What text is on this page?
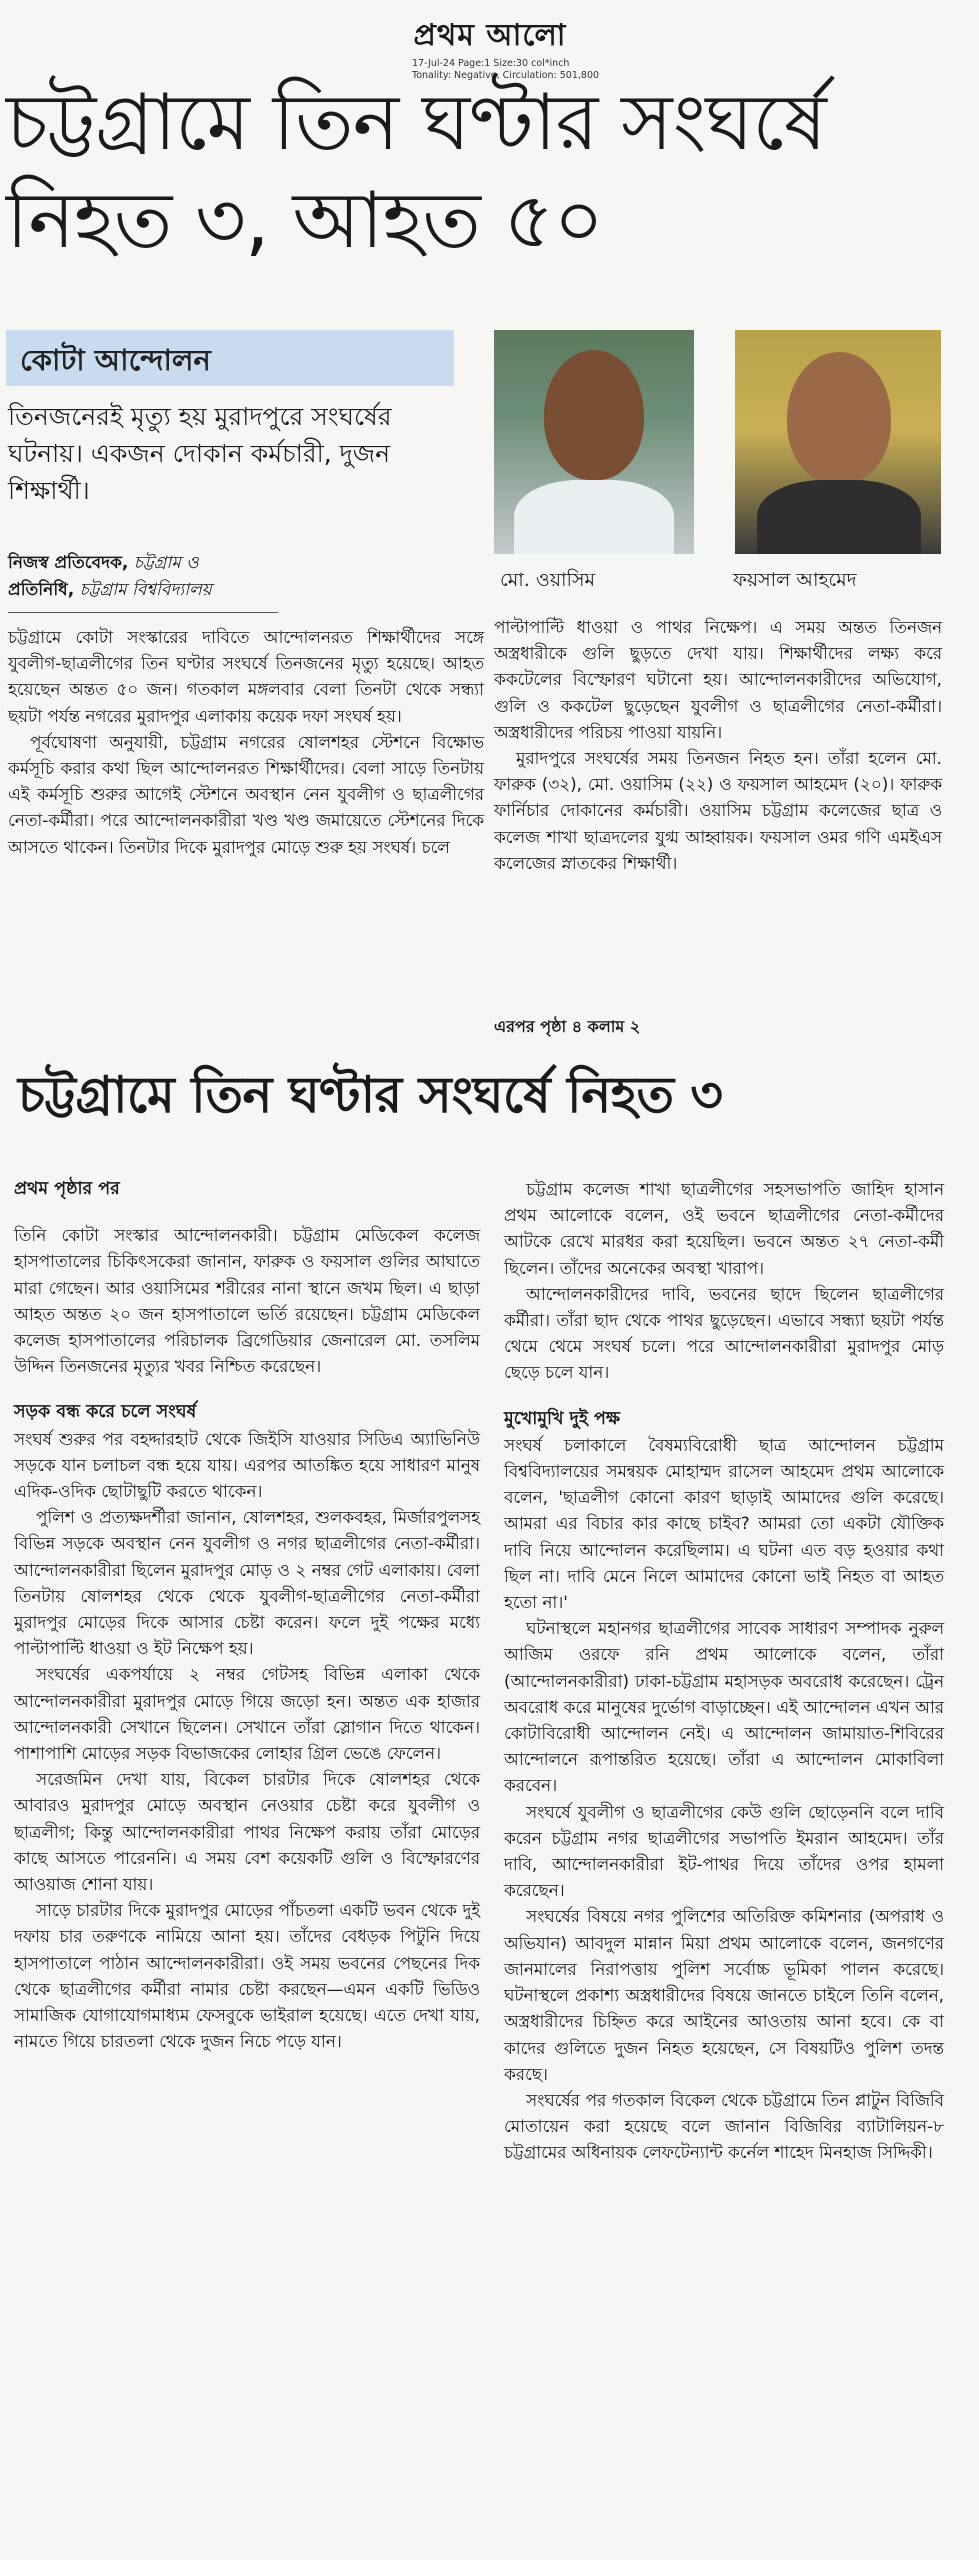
প্রথম আলো
17-Jul-24 Page:1 Size:30 col*inch
Tonality: Negative, Circulation: 501,800
চট্টগ্রামে তিন ঘণ্টার সংঘর্ষে
নিহত ৩, আহত ৫০
কোটা আন্দোলন
তিনজনেরই মৃত্যু হয় মুরাদপুরে সংঘর্ষের ঘটনায়। একজন দোকান কর্মচারী, দুজন শিক্ষার্থী।
নিজস্ব প্রতিবেদক, চট্টগ্রাম ও
প্রতিনিধি, চট্টগ্রাম বিশ্ববিদ্যালয়	মো. ওয়াসিম	ফয়সাল আহমেদ

চট্টগ্রামে কোটা সংস্কারের দাবিতে আন্দোলনরত শিক্ষার্থীদের সঙ্গে যুবলীগ-ছাত্রলীগের তিন ঘণ্টার সংঘর্ষে তিনজনের মৃত্যু হয়েছে। আহত হয়েছেন অন্তত ৫০ জন। গতকাল মঙ্গলবার বেলা তিনটা থেকে সন্ধ্যা ছয়টা পর্যন্ত নগরের মুরাদপুর এলাকায় কয়েক দফা সংঘর্ষ হয়।

পূর্বঘোষণা অনুযায়ী, চট্টগ্রাম নগরের ষোলশহর স্টেশনে বিক্ষোভ কর্মসূচি করার কথা ছিল আন্দোলনরত শিক্ষার্থীদের। বেলা সাড়ে তিনটায় এই কর্মসূচি শুরুর আগেই স্টেশনে অবস্থান নেন যুবলীগ ও ছাত্রলীগের নেতা-কর্মীরা। পরে আন্দোলনকারীরা খণ্ড খণ্ড জমায়েতে স্টেশনের দিকে আসতে থাকেন। তিনটার দিকে মুরাদপুর মোড়ে শুরু হয় সংঘর্ষ। চলে

পাল্টাপাল্টি ধাওয়া ও পাথর নিক্ষেপ। এ সময় অন্তত তিনজন অস্ত্রধারীকে গুলি ছুড়তে দেখা যায়। শিক্ষার্থীদের লক্ষ্য করে ককটেলের বিস্ফোরণ ঘটানো হয়। আন্দোলনকারীদের অভিযোগ, গুলি ও ককটেল ছুড়েছেন যুবলীগ ও ছাত্রলীগের নেতা-কর্মীরা। অস্ত্রধারীদের পরিচয় পাওয়া যায়নি।

মুরাদপুরে সংঘর্ষের সময় তিনজন নিহত হন। তাঁরা হলেন মো. ফারুক (৩২), মো. ওয়াসিম (২২) ও ফয়সাল আহমেদ (২০)। ফারুক ফার্নিচার দোকানের কর্মচারী। ওয়াসিম চট্টগ্রাম কলেজের ছাত্র ও কলেজ শাখা ছাত্রদলের যুগ্ম আহ্বায়ক। ফয়সাল ওমর গণি এমইএস কলেজের স্নাতকের শিক্ষার্থী।

এরপর পৃষ্ঠা ৪ কলাম ২
চট্টগ্রামে তিন ঘণ্টার সংঘর্ষে নিহত ৩

প্রথম পৃষ্ঠার পর

তিনি কোটা সংস্কার আন্দোলনকারী। চট্টগ্রাম মেডিকেল কলেজ হাসপাতালের চিকিৎসকেরা জানান, ফারুক ও ফয়সাল গুলির আঘাতে মারা গেছেন। আর ওয়াসিমের শরীরের নানা স্থানে জখম ছিল। এ ছাড়া আহত অন্তত ২০ জন হাসপাতালে ভর্তি রয়েছেন। চট্টগ্রাম মেডিকেল কলেজ হাসপাতালের পরিচালক ব্রিগেডিয়ার জেনারেল মো. তসলিম উদ্দিন তিনজনের মৃত্যুর খবর নিশ্চিত করেছেন।

সড়ক বন্ধ করে চলে সংঘর্ষ

সংঘর্ষ শুরুর পর বহদ্দারহাট থেকে জিইসি যাওয়ার সিডিএ অ্যাভিনিউ সড়কে যান চলাচল বন্ধ হয়ে যায়। এরপর আতঙ্কিত হয়ে সাধারণ মানুষ এদিক-ওদিক ছোটাছুটি করতে থাকেন।

পুলিশ ও প্রত্যক্ষদর্শীরা জানান, ষোলশহর, শুলকবহর, মির্জারপুলসহ বিভিন্ন সড়কে অবস্থান নেন যুবলীগ ও নগর ছাত্রলীগের নেতা-কর্মীরা। আন্দোলনকারীরা ছিলেন মুরাদপুর মোড় ও ২ নম্বর গেট এলাকায়। বেলা তিনটায় ষোলশহর থেকে থেকে যুবলীগ-ছাত্রলীগের নেতা-কর্মীরা মুরাদপুর মোড়ের দিকে আসার চেষ্টা করেন। ফলে দুই পক্ষের মধ্যে পাল্টাপাল্টি ধাওয়া ও ইট নিক্ষেপ হয়।

সংঘর্ষের একপর্যায়ে ২ নম্বর গেটসহ বিভিন্ন এলাকা থেকে আন্দোলনকারীরা মুরাদপুর মোড়ে গিয়ে জড়ো হন। অন্তত এক হাজার আন্দোলনকারী সেখানে ছিলেন। সেখানে তাঁরা স্লোগান দিতে থাকেন। পাশাপাশি মোড়ের সড়ক বিভাজকের লোহার গ্রিল ভেঙে ফেলেন।

সরেজমিন দেখা যায়, বিকেল চারটার দিকে ষোলশহর থেকে আবারও মুরাদপুর মোড়ে অবস্থান নেওয়ার চেষ্টা করে যুবলীগ ও ছাত্রলীগ; কিন্তু আন্দোলনকারীরা পাথর নিক্ষেপ করায় তাঁরা মোড়ের কাছে আসতে পারেননি। এ সময় বেশ কয়েকটি গুলি ও বিস্ফোরণের আওয়াজ শোনা যায়।

সাড়ে চারটার দিকে মুরাদপুর মোড়ের পাঁচতলা একটি ভবন থেকে দুই দফায় চার তরুণকে নামিয়ে আনা হয়। তাঁদের বেধড়ক পিটুনি দিয়ে হাসপাতালে পাঠান আন্দোলনকারীরা। ওই সময় ভবনের পেছনের দিক থেকে ছাত্রলীগের কর্মীরা নামার চেষ্টা করছেন—এমন একটি ভিডিও সামাজিক যোগাযোগমাধ্যম ফেসবুকে ভাইরাল হয়েছে। এতে দেখা যায়, নামতে গিয়ে চারতলা থেকে দুজন নিচে পড়ে যান।

চট্টগ্রাম কলেজ শাখা ছাত্রলীগের সহসভাপতি জাহিদ হাসান প্রথম আলোকে বলেন, ওই ভবনে ছাত্রলীগের নেতা-কর্মীদের আটকে রেখে মারধর করা হয়েছিল। ভবনে অন্তত ২৭ নেতা-কর্মী ছিলেন। তাঁদের অনেকের অবস্থা খারাপ।

আন্দোলনকারীদের দাবি, ভবনের ছাদে ছিলেন ছাত্রলীগের কর্মীরা। তাঁরা ছাদ থেকে পাথর ছুড়েছেন। এভাবে সন্ধ্যা ছয়টা পর্যন্ত থেমে থেমে সংঘর্ষ চলে। পরে আন্দোলনকারীরা মুরাদপুর মোড় ছেড়ে চলে যান।

মুখোমুখি দুই পক্ষ

সংঘর্ষ চলাকালে বৈষম্যবিরোধী ছাত্র আন্দোলন চট্টগ্রাম বিশ্ববিদ্যালয়ের সমন্বয়ক মোহাম্মদ রাসেল আহমেদ প্রথম আলোকে বলেন, 'ছাত্রলীগ কোনো কারণ ছাড়াই আমাদের গুলি করেছে। আমরা এর বিচার কার কাছে চাইব? আমরা তো একটা যৌক্তিক দাবি নিয়ে আন্দোলন করেছিলাম। এ ঘটনা এত বড় হওয়ার কথা ছিল না। দাবি মেনে নিলে আমাদের কোনো ভাই নিহত বা আহত হতো না।'

ঘটনাস্থলে মহানগর ছাত্রলীগের সাবেক সাধারণ সম্পাদক নুরুল আজিম ওরফে রনি প্রথম আলোকে বলেন, তাঁরা (আন্দোলনকারীরা) ঢাকা-চট্টগ্রাম মহাসড়ক অবরোধ করেছেন। ট্রেন অবরোধ করে মানুষের দুর্ভোগ বাড়াচ্ছেন। এই আন্দোলন এখন আর কোটাবিরোধী আন্দোলন নেই। এ আন্দোলন জামায়াত-শিবিরের আন্দোলনে রূপান্তরিত হয়েছে। তাঁরা এ আন্দোলন মোকাবিলা করবেন।

সংঘর্ষে যুবলীগ ও ছাত্রলীগের কেউ গুলি ছোড়েননি বলে দাবি করেন চট্টগ্রাম নগর ছাত্রলীগের সভাপতি ইমরান আহমেদ। তাঁর দাবি, আন্দোলনকারীরা ইট-পাথর দিয়ে তাঁদের ওপর হামলা করেছেন।

সংঘর্ষের বিষয়ে নগর পুলিশের অতিরিক্ত কমিশনার (অপরাধ ও অভিযান) আবদুল মান্নান মিয়া প্রথম আলোকে বলেন, জনগণের জানমালের নিরাপত্তায় পুলিশ সর্বোচ্চ ভূমিকা পালন করেছে। ঘটনাস্থলে প্রকাশ্য অস্ত্রধারীদের বিষয়ে জানতে চাইলে তিনি বলেন, অস্ত্রধারীদের চিহ্নিত করে আইনের আওতায় আনা হবে। কে বা কাদের গুলিতে দুজন নিহত হয়েছেন, সে বিষয়টিও পুলিশ তদন্ত করছে।

সংঘর্ষের পর গতকাল বিকেল থেকে চট্টগ্রামে তিন প্লাটুন বিজিবি মোতায়েন করা হয়েছে বলে জানান বিজিবির ব্যাটালিয়ন-৮ চট্টগ্রামের অধিনায়ক লেফটেন্যান্ট কর্নেল শাহেদ মিনহাজ সিদ্দিকী।
